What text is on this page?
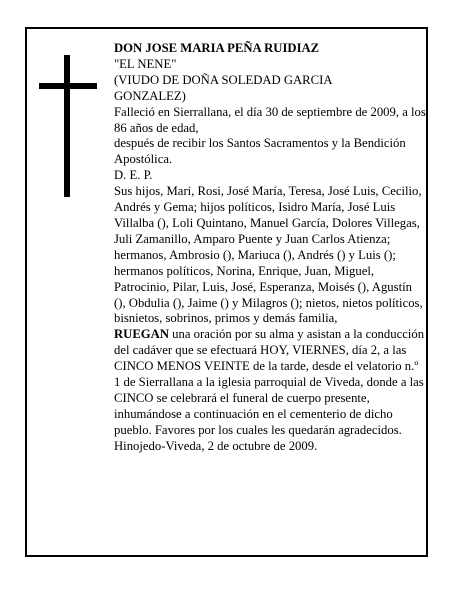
DON JOSE MARIA PEÑA RUIDIAZ

"EL NENE"

(VIUDO DE DOÑA SOLEDAD GARCIA

GONZALEZ)

Falleció en Sierrallana, el día 30 de septiembre de 2009, a los 86 años de edad,

después de recibir los Santos Sacramentos y la Bendición Apostólica.

D. E. P.

Sus hijos, Mari, Rosi, José María, Teresa, José Luis, Cecilio, Andrés y Gema; hijos políticos, Isidro María, José Luis Villalba (), Loli Quintano, Manuel García, Dolores Villegas, Juli Zamanillo, Amparo Puente y Juan Carlos Atienza; hermanos, Ambrosio (), Mariuca (), Andrés () y Luis (); hermanos políticos, Norina, Enrique, Juan, Miguel, Patrocinio, Pilar, Luis, José, Esperanza, Moisés (), Agustín (), Obdulia (), Jaime () y Milagros (); nietos, nietos políticos, bisnietos, sobrinos, primos y demás familia,

RUEGAN una oración por su alma y asistan a la conducción del cadáver que se efectuará HOY, VIERNES, día 2, a las CINCO MENOS VEINTE de la tarde, desde el velatorio n.º 1 de Sierrallana a la iglesia parroquial de Viveda, donde a las CINCO se celebrará el funeral de cuerpo presente, inhumándose a continuación en el cementerio de dicho pueblo. Favores por los cuales les quedarán agradecidos.

Hinojedo-Viveda, 2 de octubre de 2009.
